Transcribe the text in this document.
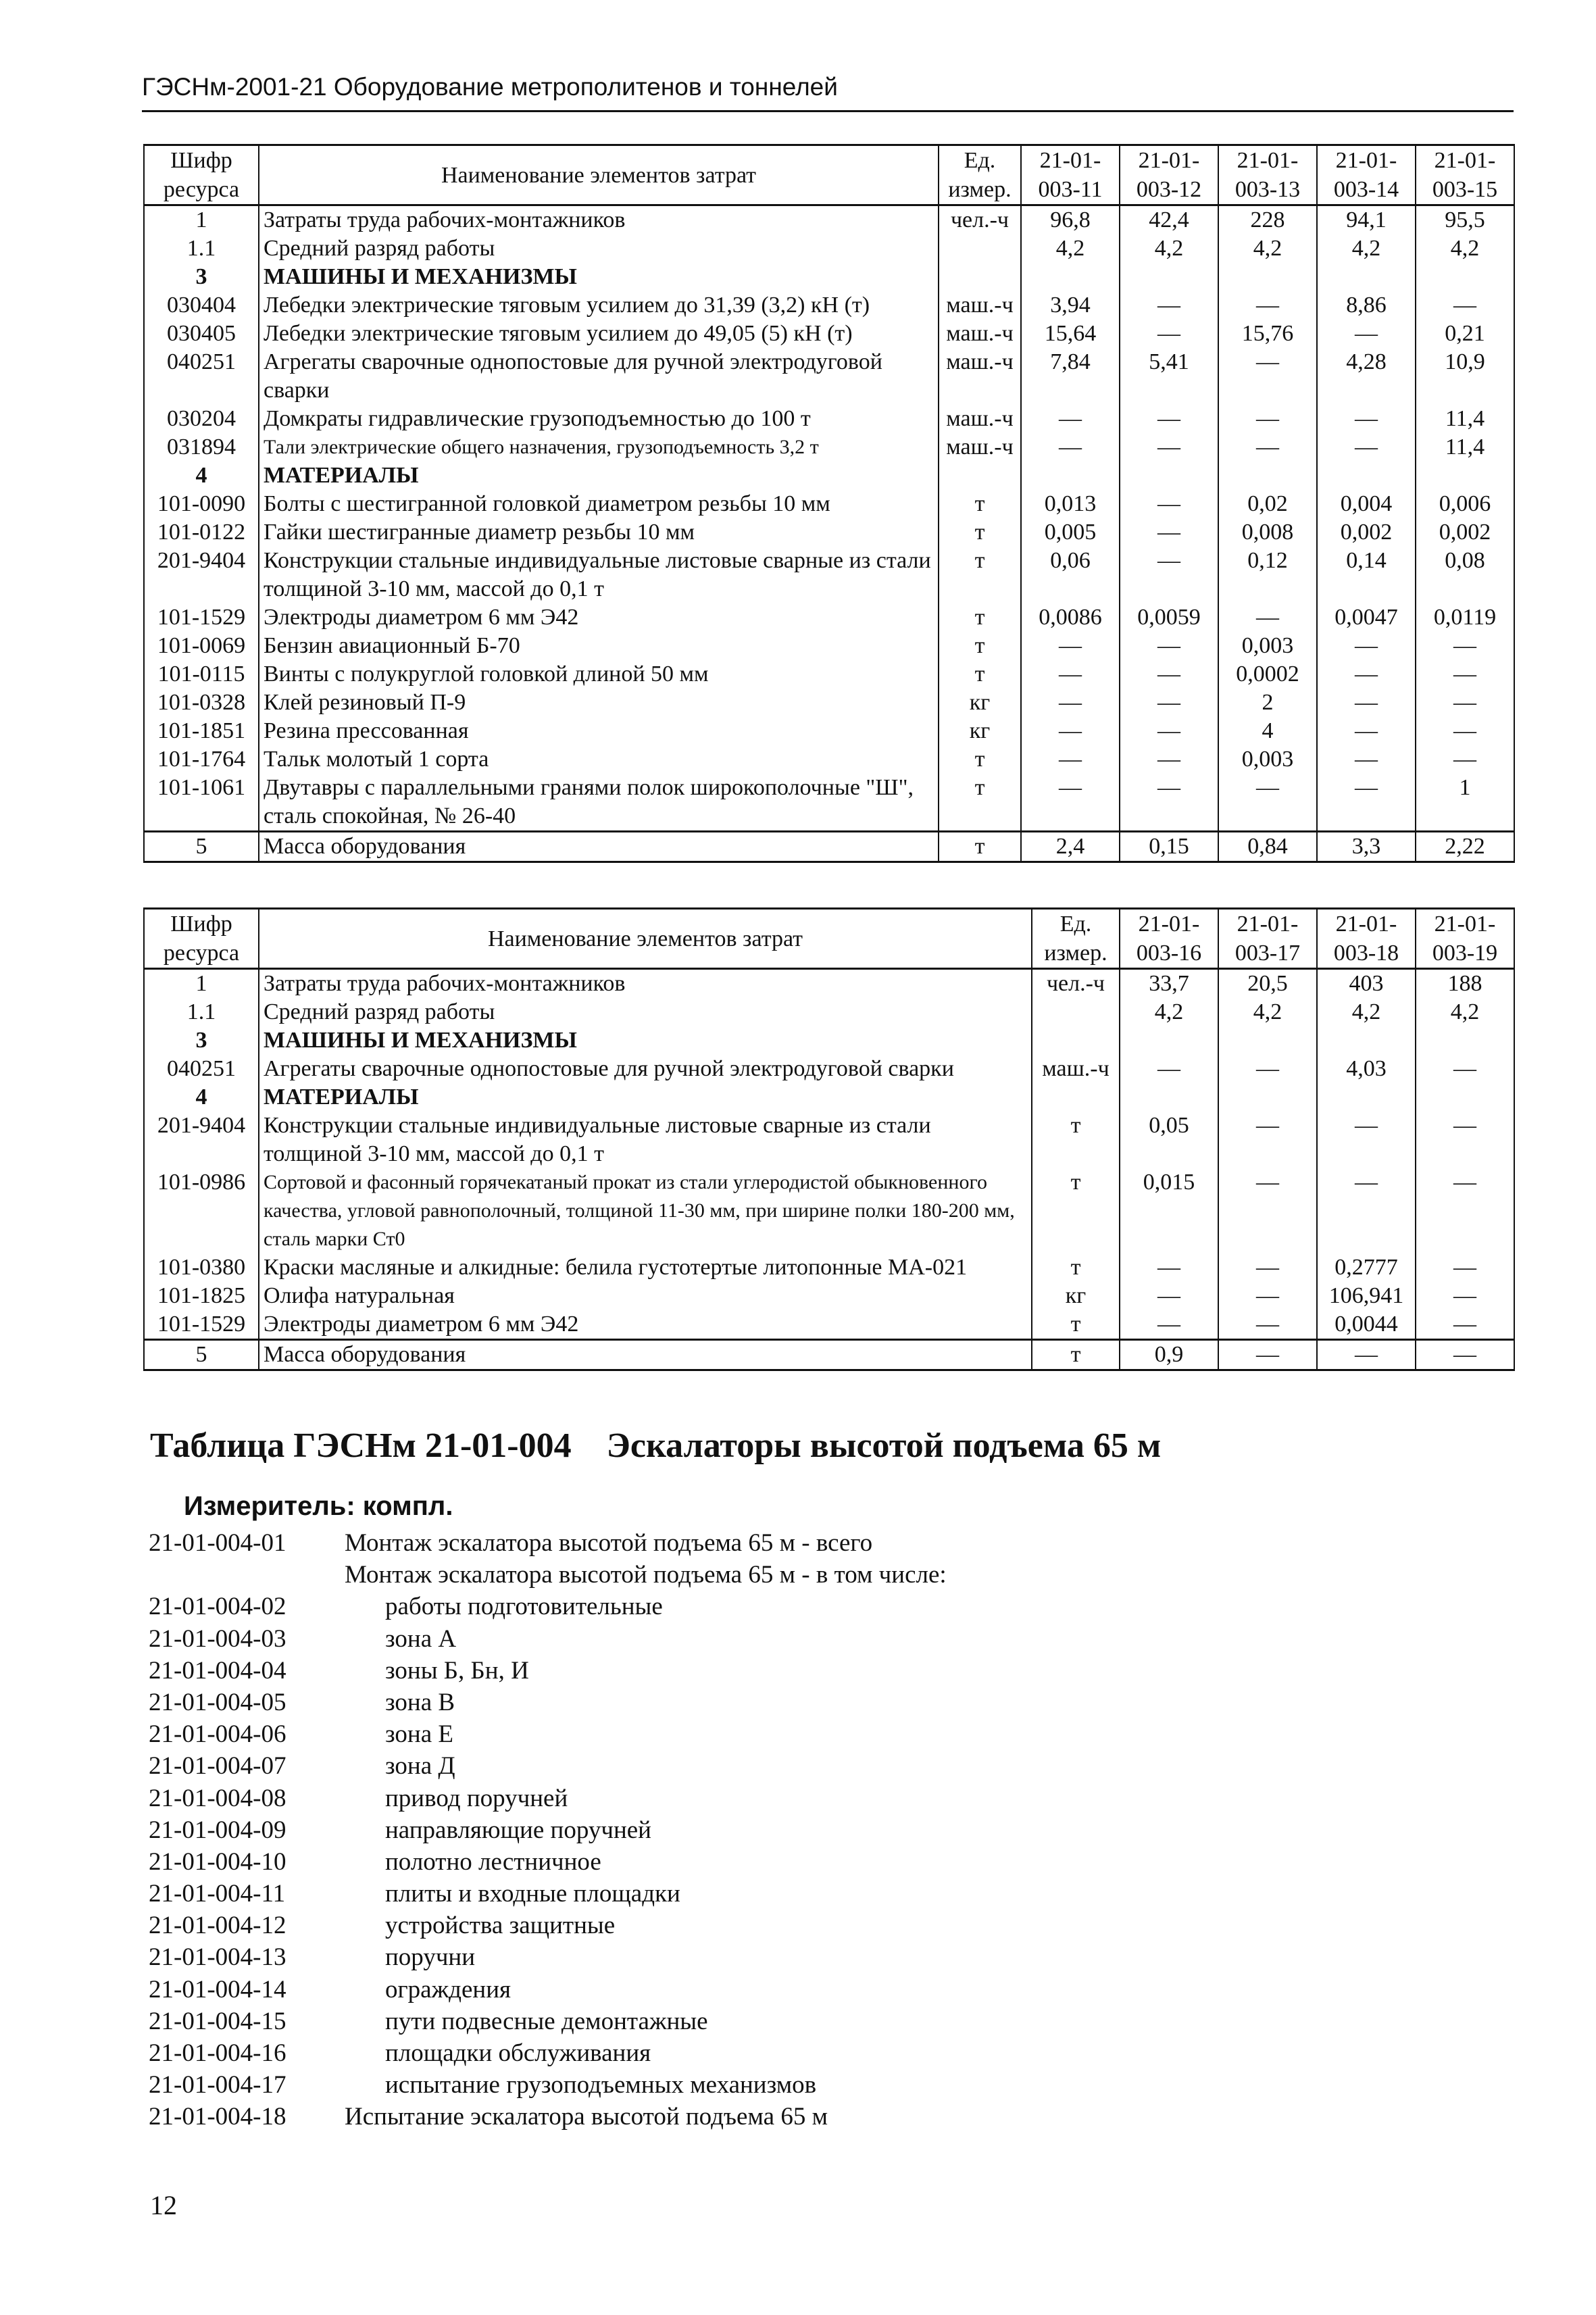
ГЭСНм-2001-21 Оборудование метрополитенов и тоннелей
Шифр ресурса	Наименование элементов затрат	Ед. измер.	21-01-003-11	21-01-003-12	21-01-003-13	21-01-003-14	21-01-003-15
1	Затраты труда рабочих-монтажников	чел.-ч	96,8	42,4	228	94,1	95,5
1.1	Средний разряд работы		4,2	4,2	4,2	4,2	4,2
3	МАШИНЫ И МЕХАНИЗМЫ						
030404	Лебедки электрические тяговым усилием до 31,39 (3,2) кН (т)	маш.-ч	3,94	—	—	8,86	—
030405	Лебедки электрические тяговым усилием до 49,05 (5) кН (т)	маш.-ч	15,64	—	15,76	—	0,21
040251	Агрегаты сварочные однопостовые для ручной электродуговой сварки	маш.-ч	7,84	5,41	—	4,28	10,9
030204	Домкраты гидравлические грузоподъемностью до 100 т	маш.-ч	—	—	—	—	11,4
031894	Тали электрические общего назначения, грузоподъемность 3,2 т	маш.-ч	—	—	—	—	11,4
4	МАТЕРИАЛЫ						
101-0090	Болты с шестигранной головкой диаметром резьбы 10 мм	т	0,013	—	0,02	0,004	0,006
101-0122	Гайки шестигранные диаметр резьбы 10 мм	т	0,005	—	0,008	0,002	0,002
201-9404	Конструкции стальные индивидуальные листовые сварные из стали толщиной 3-10 мм, массой до 0,1 т	т	0,06	—	0,12	0,14	0,08
101-1529	Электроды диаметром 6 мм Э42	т	0,0086	0,0059	—	0,0047	0,0119
101-0069	Бензин авиационный Б-70	т	—	—	0,003	—	—
101-0115	Винты с полукруглой головкой длиной 50 мм	т	—	—	0,0002	—	—
101-0328	Клей резиновый П-9	кг	—	—	2	—	—
101-1851	Резина прессованная	кг	—	—	4	—	—
101-1764	Тальк молотый 1 сорта	т	—	—	0,003	—	—
101-1061	Двутавры с параллельными гранями полок широкополочные "Ш", сталь спокойная, № 26-40	т	—	—	—	—	1
5	Масса оборудования	т	2,4	0,15	0,84	3,3	2,22
Шифр ресурса	Наименование элементов затрат	Ед. измер.	21-01-003-16	21-01-003-17	21-01-003-18	21-01-003-19
1	Затраты труда рабочих-монтажников	чел.-ч	33,7	20,5	403	188
1.1	Средний разряд работы		4,2	4,2	4,2	4,2
3	МАШИНЫ И МЕХАНИЗМЫ					
040251	Агрегаты сварочные однопостовые для ручной электродуговой сварки	маш.-ч	—	—	4,03	—
4	МАТЕРИАЛЫ					
201-9404	Конструкции стальные индивидуальные листовые сварные из стали толщиной 3-10 мм, массой до 0,1 т	т	0,05	—	—	—
101-0986	Сортовой и фасонный горячекатаный прокат из стали углеродистой обыкновенного качества, угловой равнополочный, толщиной 11-30 мм, при ширине полки 180-200 мм, сталь марки Ст0	т	0,015	—	—	—
101-0380	Краски масляные и алкидные: белила густотертые литопонные МА-021	т	—	—	0,2777	—
101-1825	Олифа натуральная	кг	—	—	106,941	—
101-1529	Электроды диаметром 6 мм Э42	т	—	—	0,0044	—
5	Масса оборудования	т	0,9	—	—	—
Таблица ГЭСНм 21-01-004    Эскалаторы высотой подъема 65 м
Измеритель: компл.
21-01-004-01 Монтаж эскалатора высотой подъема 65 м - всего
Монтаж эскалатора высотой подъема 65 м - в том числе:
21-01-004-02	работы подготовительные
21-01-004-03	зона А
21-01-004-04	зоны Б, Бн, И
21-01-004-05	зона В
21-01-004-06	зона Е
21-01-004-07	зона Д
21-01-004-08	привод поручней
21-01-004-09	направляющие поручней
21-01-004-10	полотно лестничное
21-01-004-11	плиты и входные площадки
21-01-004-12	устройства защитные
21-01-004-13	поручни
21-01-004-14	ограждения
21-01-004-15	пути подвесные демонтажные
21-01-004-16	площадки обслуживания
21-01-004-17	испытание грузоподъемных механизмов
21-01-004-18 Испытание эскалатора высотой подъема 65 м
12
